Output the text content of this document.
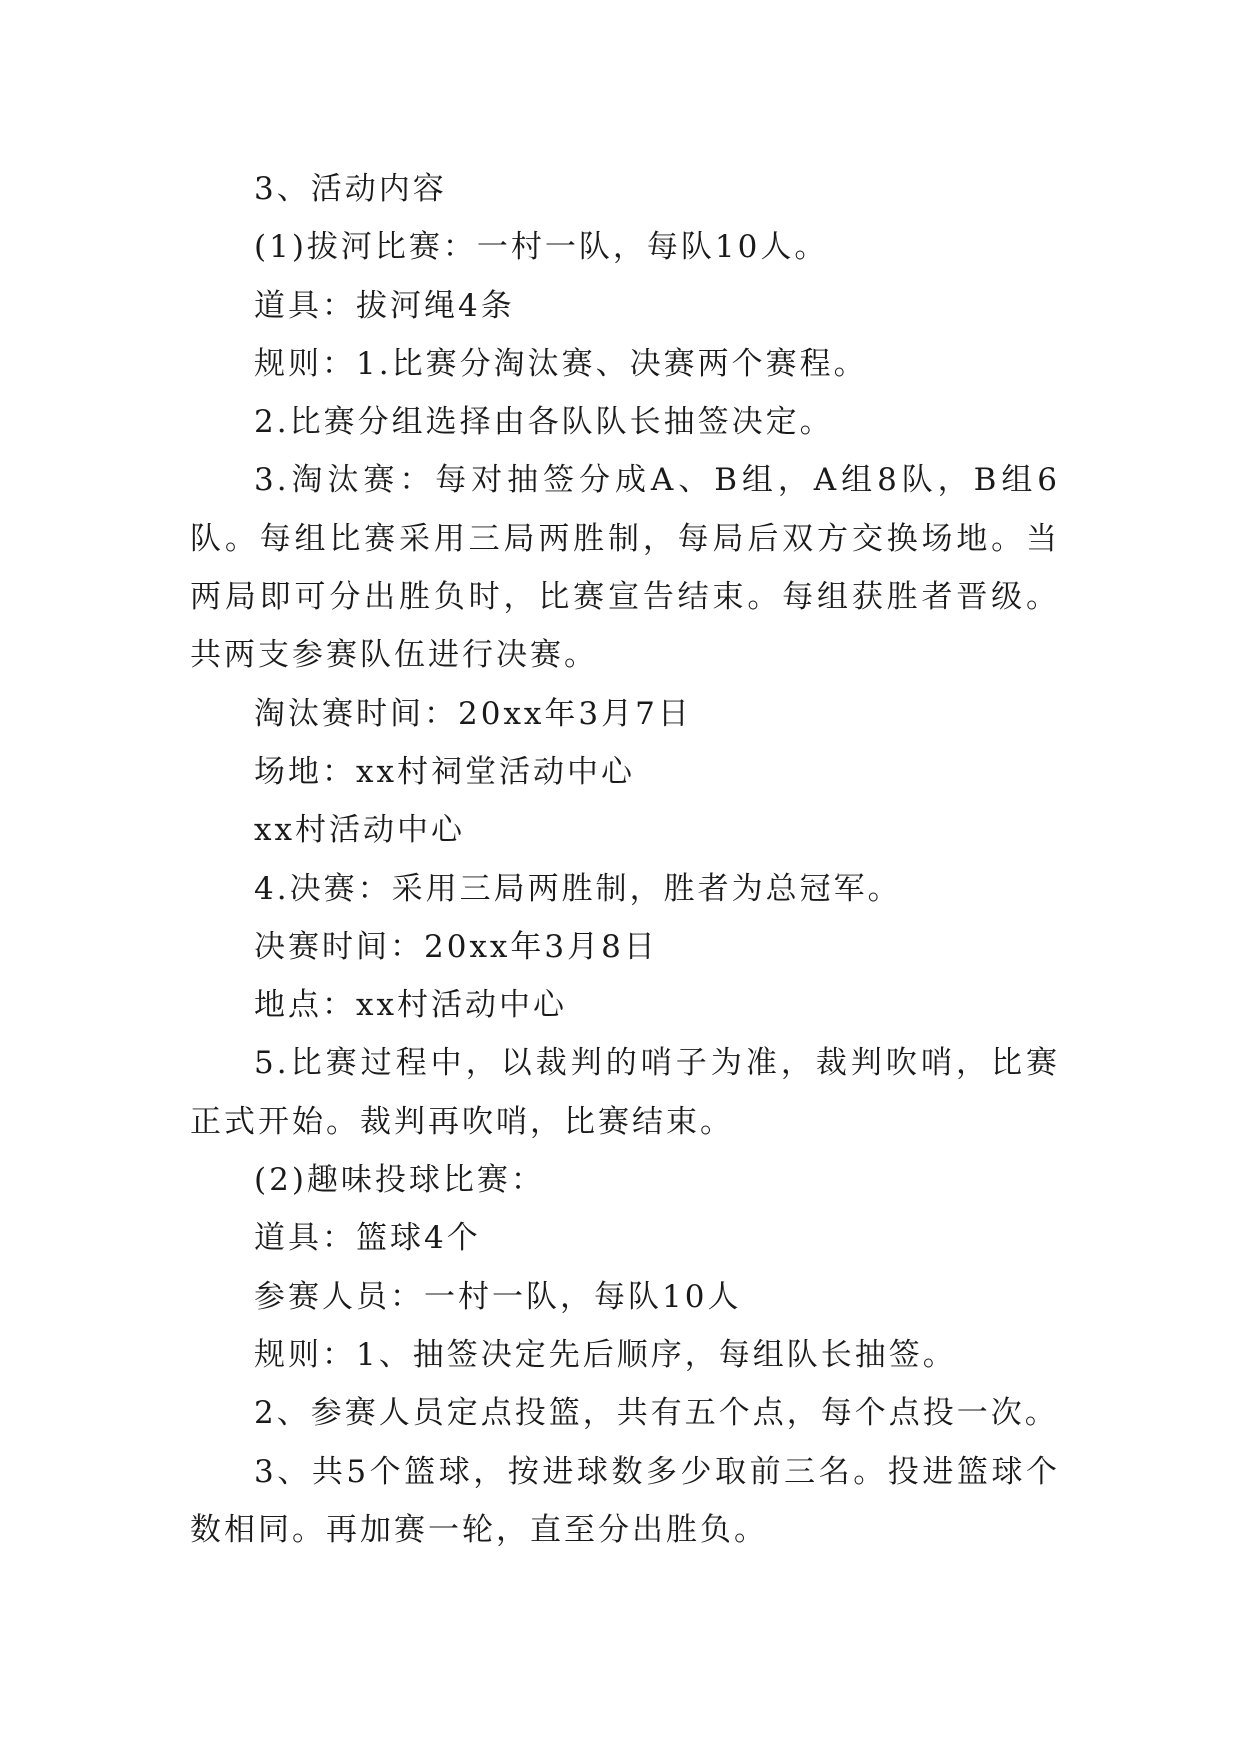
3、活动内容

(1)拔河比赛：一村一队，每队10人。

道具：拔河绳4条

规则：1.比赛分淘汰赛、决赛两个赛程。

2.比赛分组选择由各队队长抽签决定。

3.淘汰赛：每对抽签分成A、B组，A组8队，B组6队。每组比赛采用三局两胜制，每局后双方交换场地。当两局即可分出胜负时，比赛宣告结束。每组获胜者晋级。共两支参赛队伍进行决赛。

淘汰赛时间：20xx年3月7日

场地：xx村祠堂活动中心

xx村活动中心

4.决赛：采用三局两胜制，胜者为总冠军。

决赛时间：20xx年3月8日

地点：xx村活动中心

5.比赛过程中，以裁判的哨子为准，裁判吹哨，比赛正式开始。裁判再吹哨，比赛结束。

(2)趣味投球比赛：

道具：篮球4个

参赛人员：一村一队，每队10人

规则：1、抽签决定先后顺序，每组队长抽签。

2、参赛人员定点投篮，共有五个点，每个点投一次。

3、共5个篮球，按进球数多少取前三名。投进篮球个数相同。再加赛一轮，直至分出胜负。
